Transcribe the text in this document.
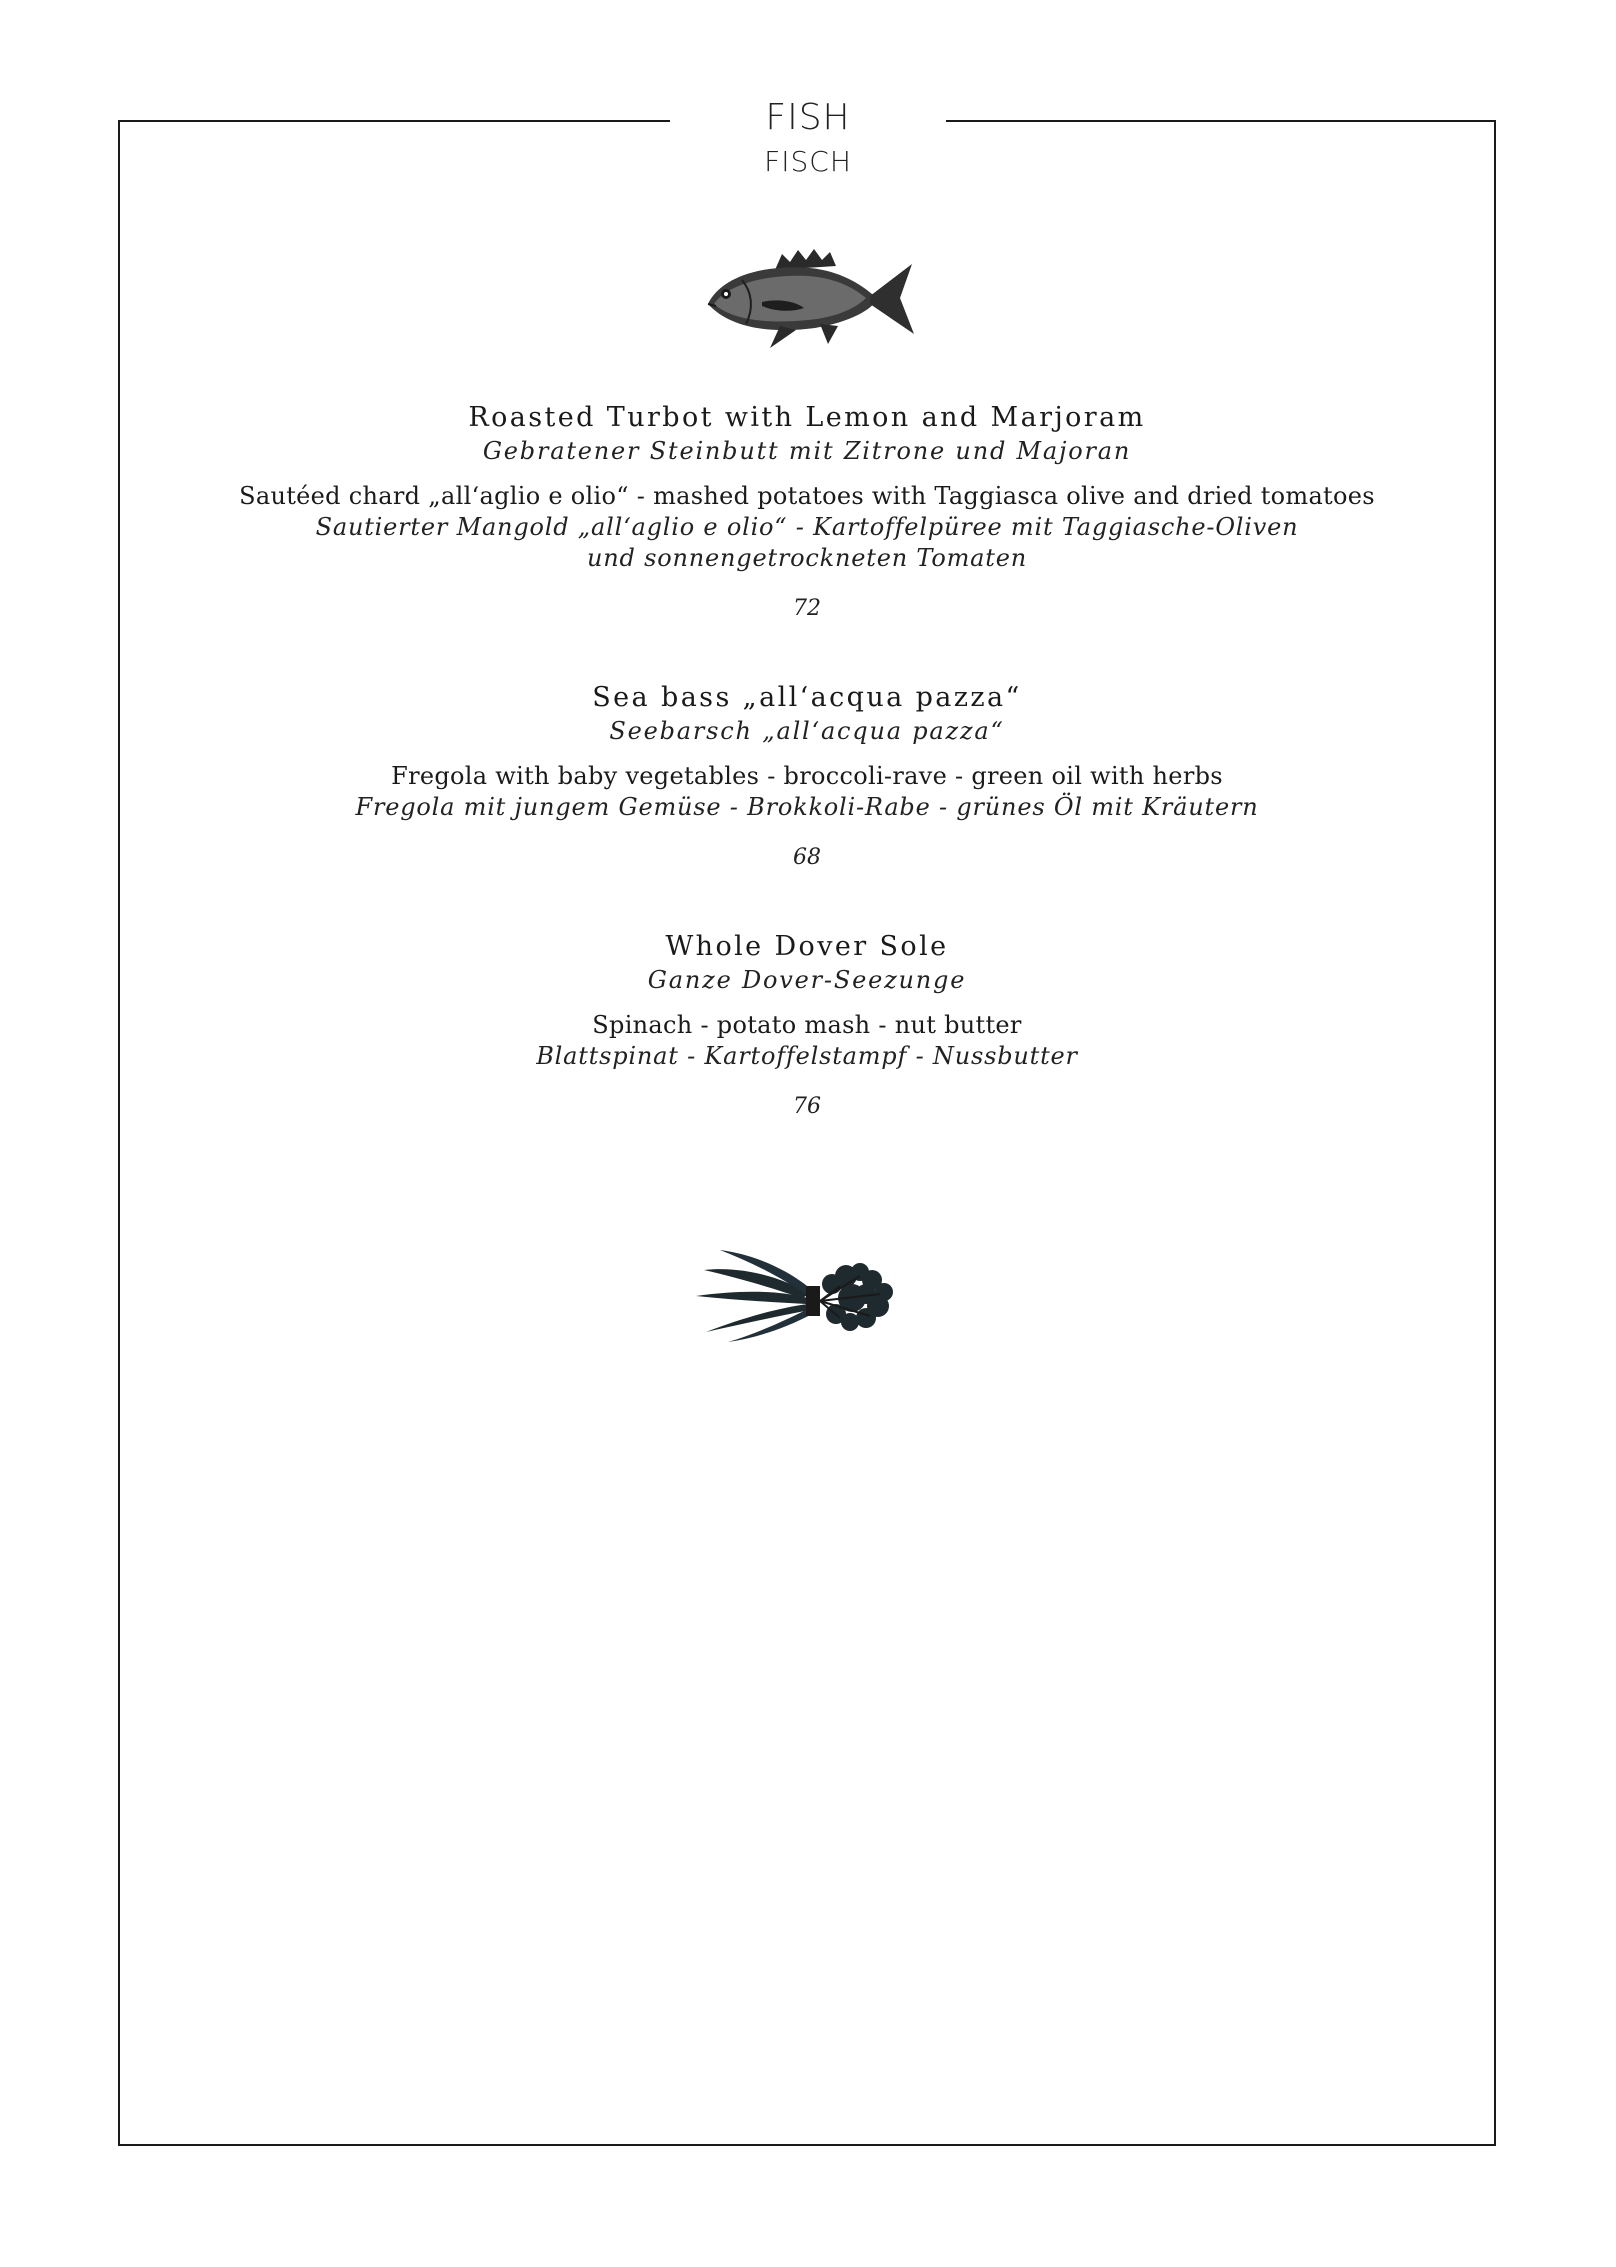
FISH
FISCH
Roasted Turbot with Lemon and Marjoram
Gebratener Steinbutt mit Zitrone und Majoran
Sautéed chard „all‘aglio e olio“ - mashed potatoes with Taggiasca olive and dried tomatoes
Sautierter Mangold „all‘aglio e olio“ - Kartoffelpüree mit Taggiasche-Oliven
und sonnengetrockneten Tomaten
72
Sea bass „all‘acqua pazza“
Seebarsch „all‘acqua pazza“
Fregola with baby vegetables - broccoli-rave - green oil with herbs
Fregola mit jungem Gemüse - Brokkoli-Rabe - grünes Öl mit Kräutern
68
Whole Dover Sole
Ganze Dover-Seezunge
Spinach - potato mash - nut butter
Blattspinat - Kartoffelstampf - Nussbutter
76
